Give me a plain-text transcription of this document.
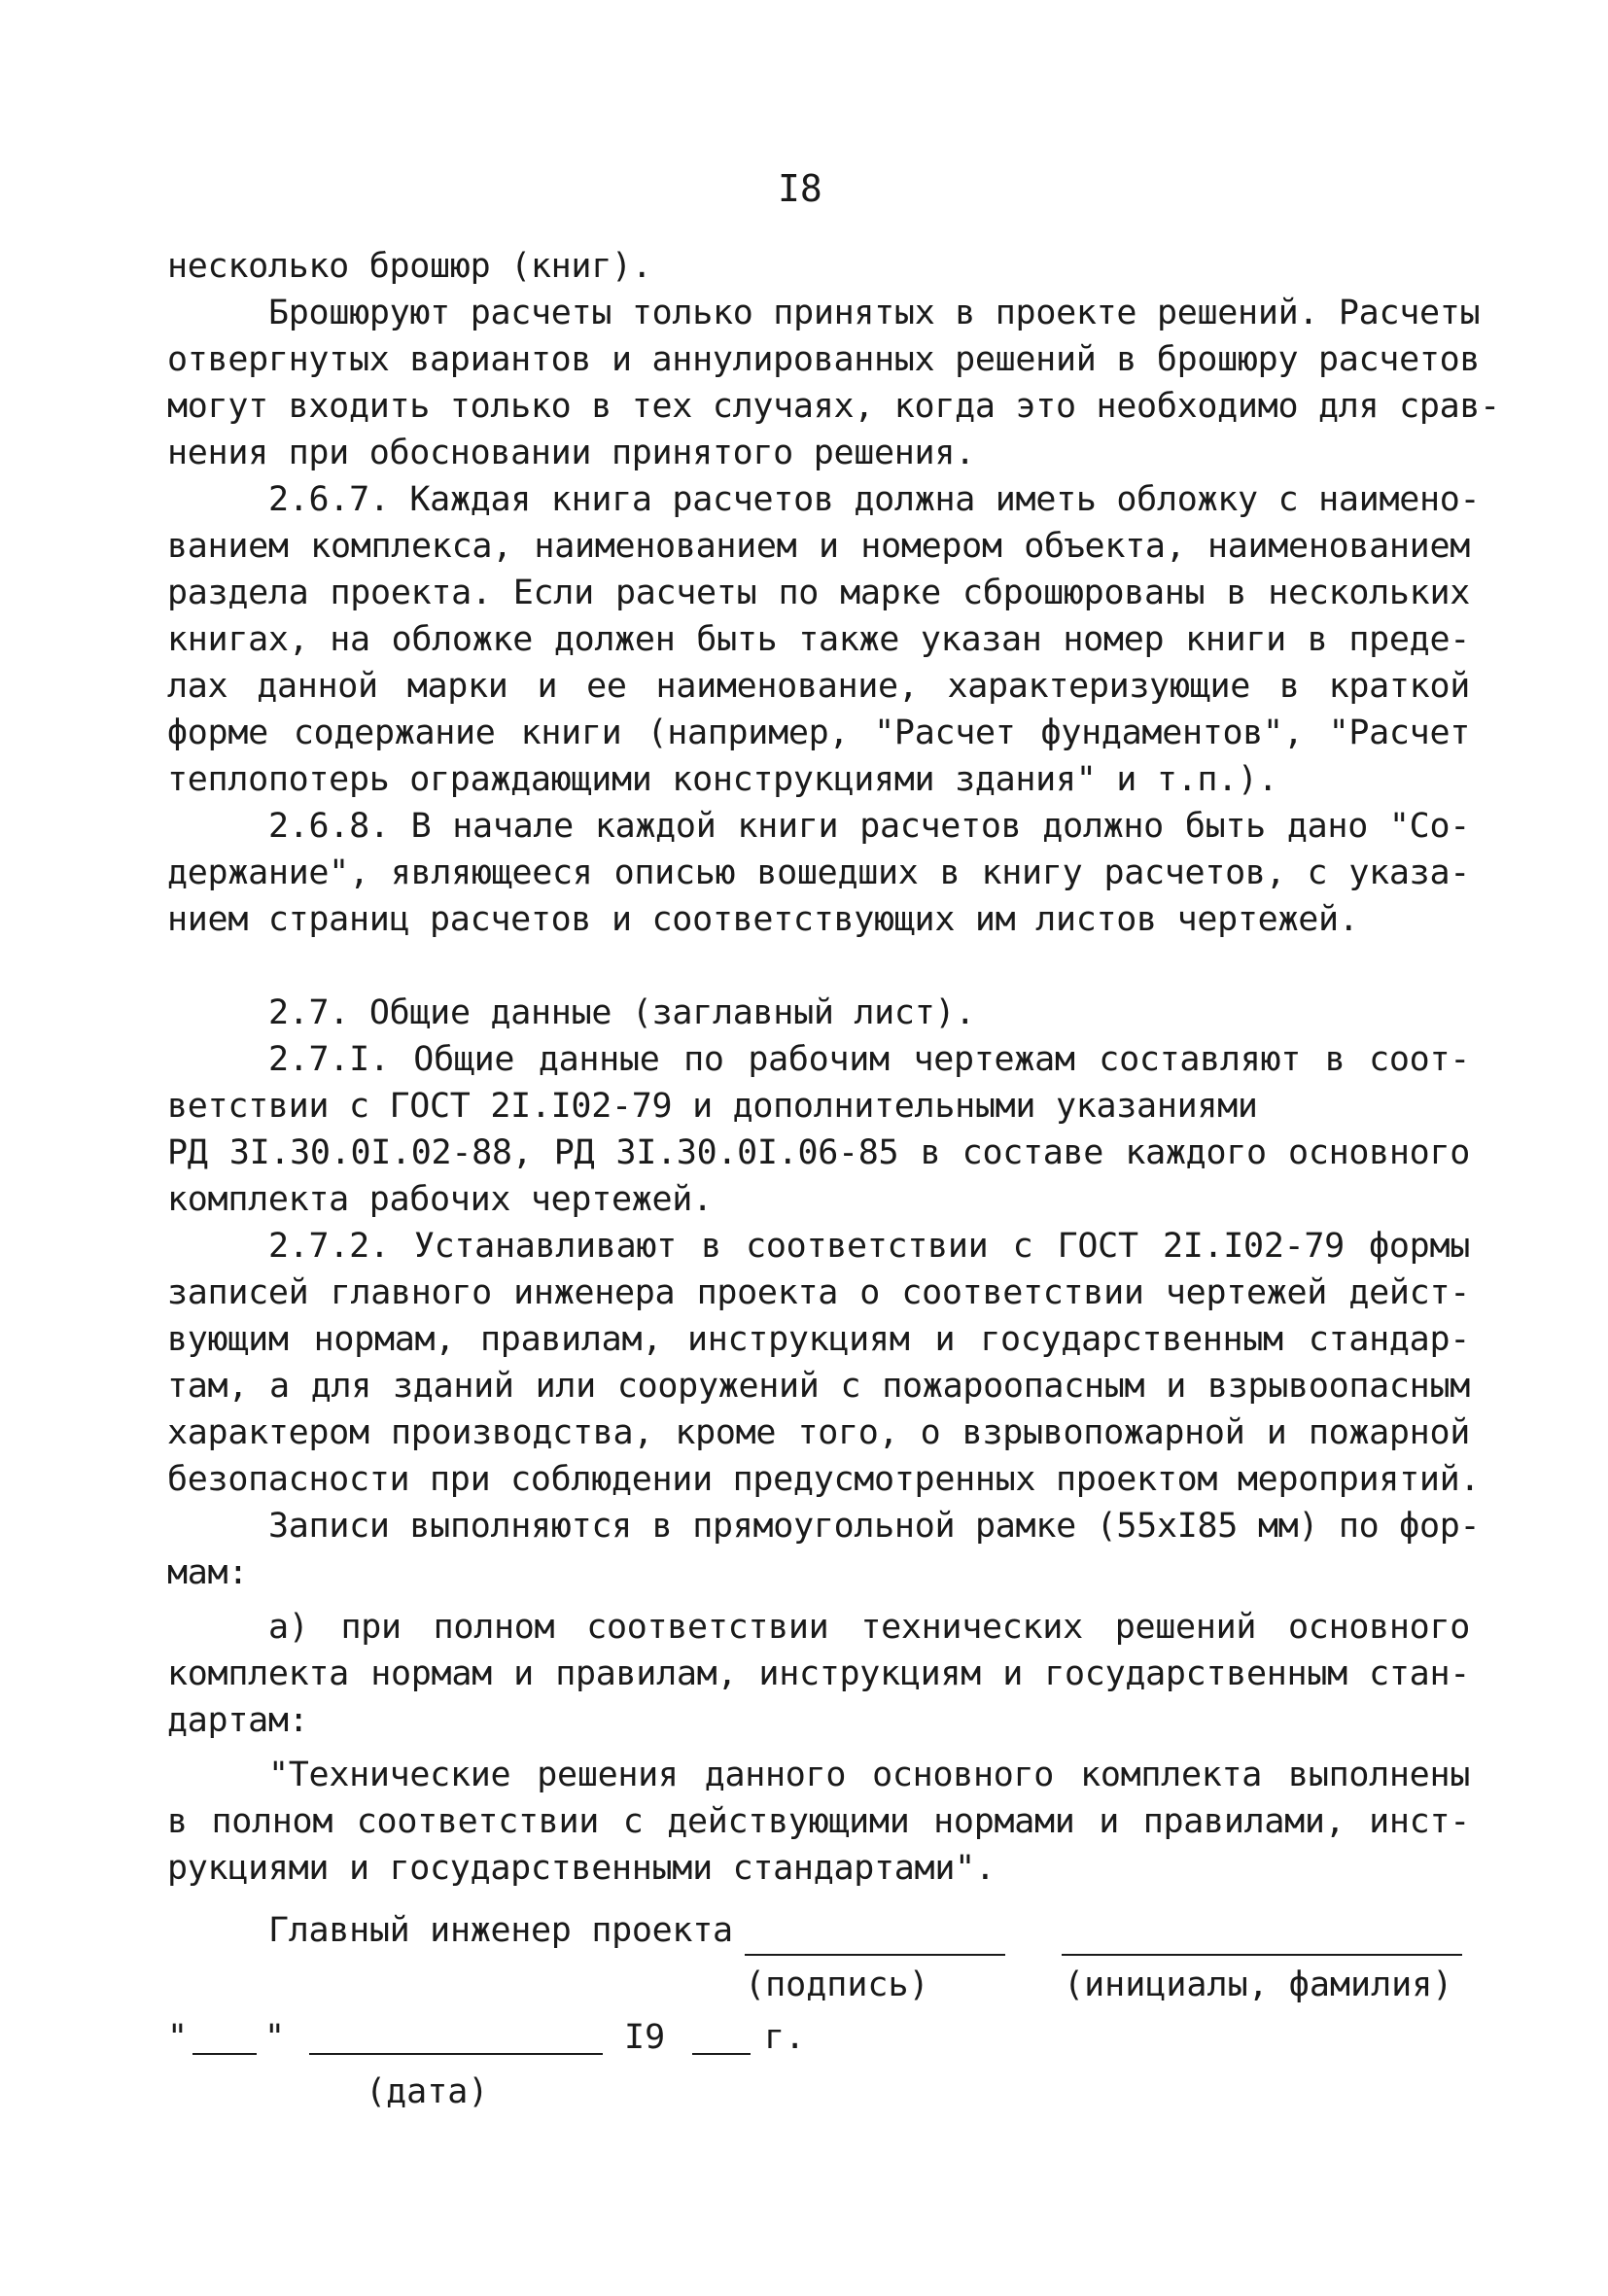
I8
несколько брошюр (книг).
Брошюруют расчеты только принятых в проекте решений. Расчеты
отвергнутых вариантов и аннулированных решений в брошюру расчетов
могут входить только в тех случаях, когда это необходимо для срав-
нения при обосновании принятого решения.
2.6.7. Каждая книга расчетов должна иметь обложку с наимено-
ванием комплекса, наименованием и номером объекта, наименованием
раздела проекта. Если расчеты по марке сброшюрованы в нескольких
книгах, на обложке должен быть также указан номер книги в преде-
лах данной марки и ее наименование, характеризующие в краткой
форме содержание книги (например, "Расчет фундаментов", "Расчет
теплопотерь ограждающими конструкциями здания" и т.п.).
2.6.8. В начале каждой книги расчетов должно быть дано "Со-
держание", являющееся описью вошедших в книгу расчетов, с указа-
нием страниц расчетов и соответствующих им листов чертежей.
2.7. Общие данные (заглавный лист).
2.7.I. Общие данные по рабочим чертежам составляют в соот-
ветствии с ГОСТ 2I.I02-79 и дополнительными указаниями
РД 3I.30.0I.02-88, РД 3I.30.0I.06-85 в составе каждого основного
комплекта рабочих чертежей.
2.7.2. Устанавливают в соответствии с ГОСТ 2I.I02-79 формы
записей главного инженера проекта о соответствии чертежей дейст-
вующим нормам, правилам, инструкциям и государственным стандар-
там, а для зданий или сооружений с пожароопасным и взрывоопасным
характером производства, кроме того, о взрывопожарной и пожарной
безопасности при соблюдении предусмотренных проектом мероприятий.
Записи выполняются в прямоугольной рамке (55xI85 мм) по фор-
мам:
а) при полном соответствии технических решений основного
комплекта нормам и правилам, инструкциям и государственным стан-
дартам:
"Технические решения данного основного комплекта выполнены
в полном соответствии с действующими нормами и правилами, инст-
рукциями и государственными стандартами".
Главный инженер проекта
(подпись)	(инициалы, фамилия)
" "	I9	г.
(дата)
